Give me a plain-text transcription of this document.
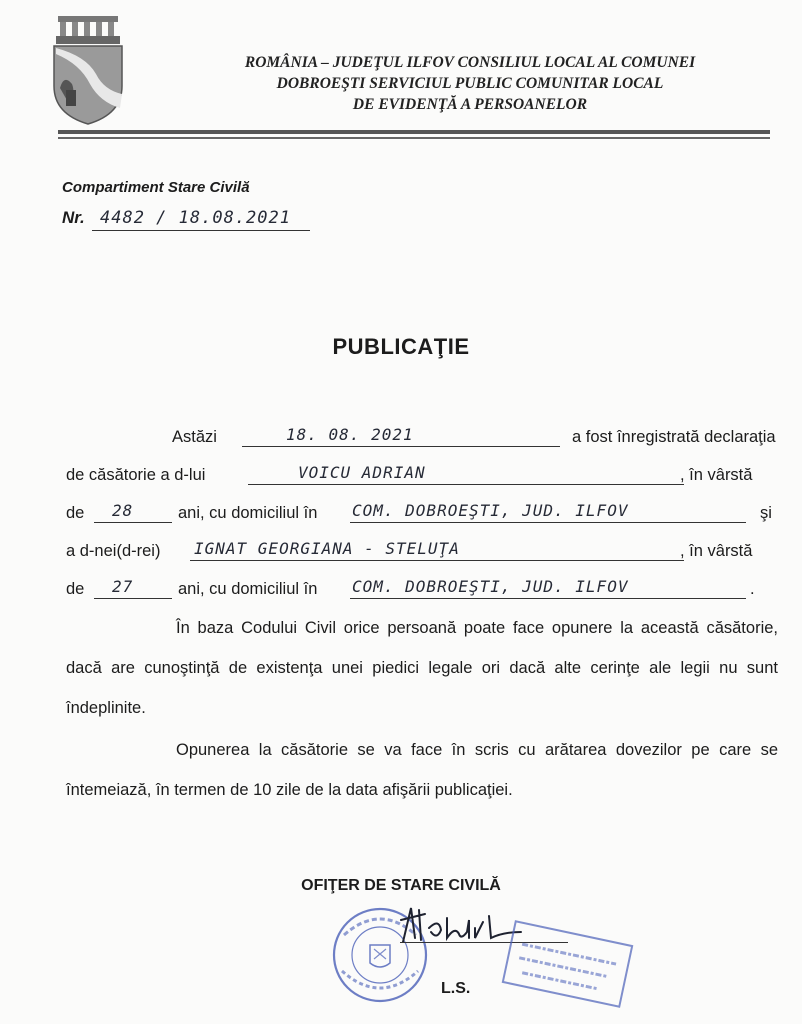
ROMÂNIA – JUDEŢUL ILFOV CONSILIUL LOCAL AL COMUNEI
DOBROEŞTI SERVICIUL PUBLIC COMUNITAR LOCAL
DE EVIDENŢĂ A PERSOANELOR
Compartiment Stare Civilă
Nr. 4482 / 18.08.2021
PUBLICAŢIE
Astăzi	18. 08. 2021	a fost înregistrată declaraţia
de căsătorie a d-lui	VOICU ADRIAN	, în vârstă
de 28	ani, cu domiciliul în COM. DOBROEŞTI, JUD. ILFOV	şi
a d-nei(d-rei) IGNAT GEORGIANA - STELUŢA	, în vârstă
de 27	ani, cu domiciliul în COM. DOBROEŞTI, JUD. ILFOV	.
În baza Codului Civil orice persoană poate face opunere la această căsătorie, dacă are cunoştinţă de existenţa unei piedici legale ori dacă alte cerinţe ale legii nu sunt îndeplinite.
Opunerea la căsătorie se va face în scris cu arătarea dovezilor pe care se întemeiază, în termen de 10 zile de la data afişării publicaţiei.
OFIŢER DE STARE CIVILĂ
L.S.
